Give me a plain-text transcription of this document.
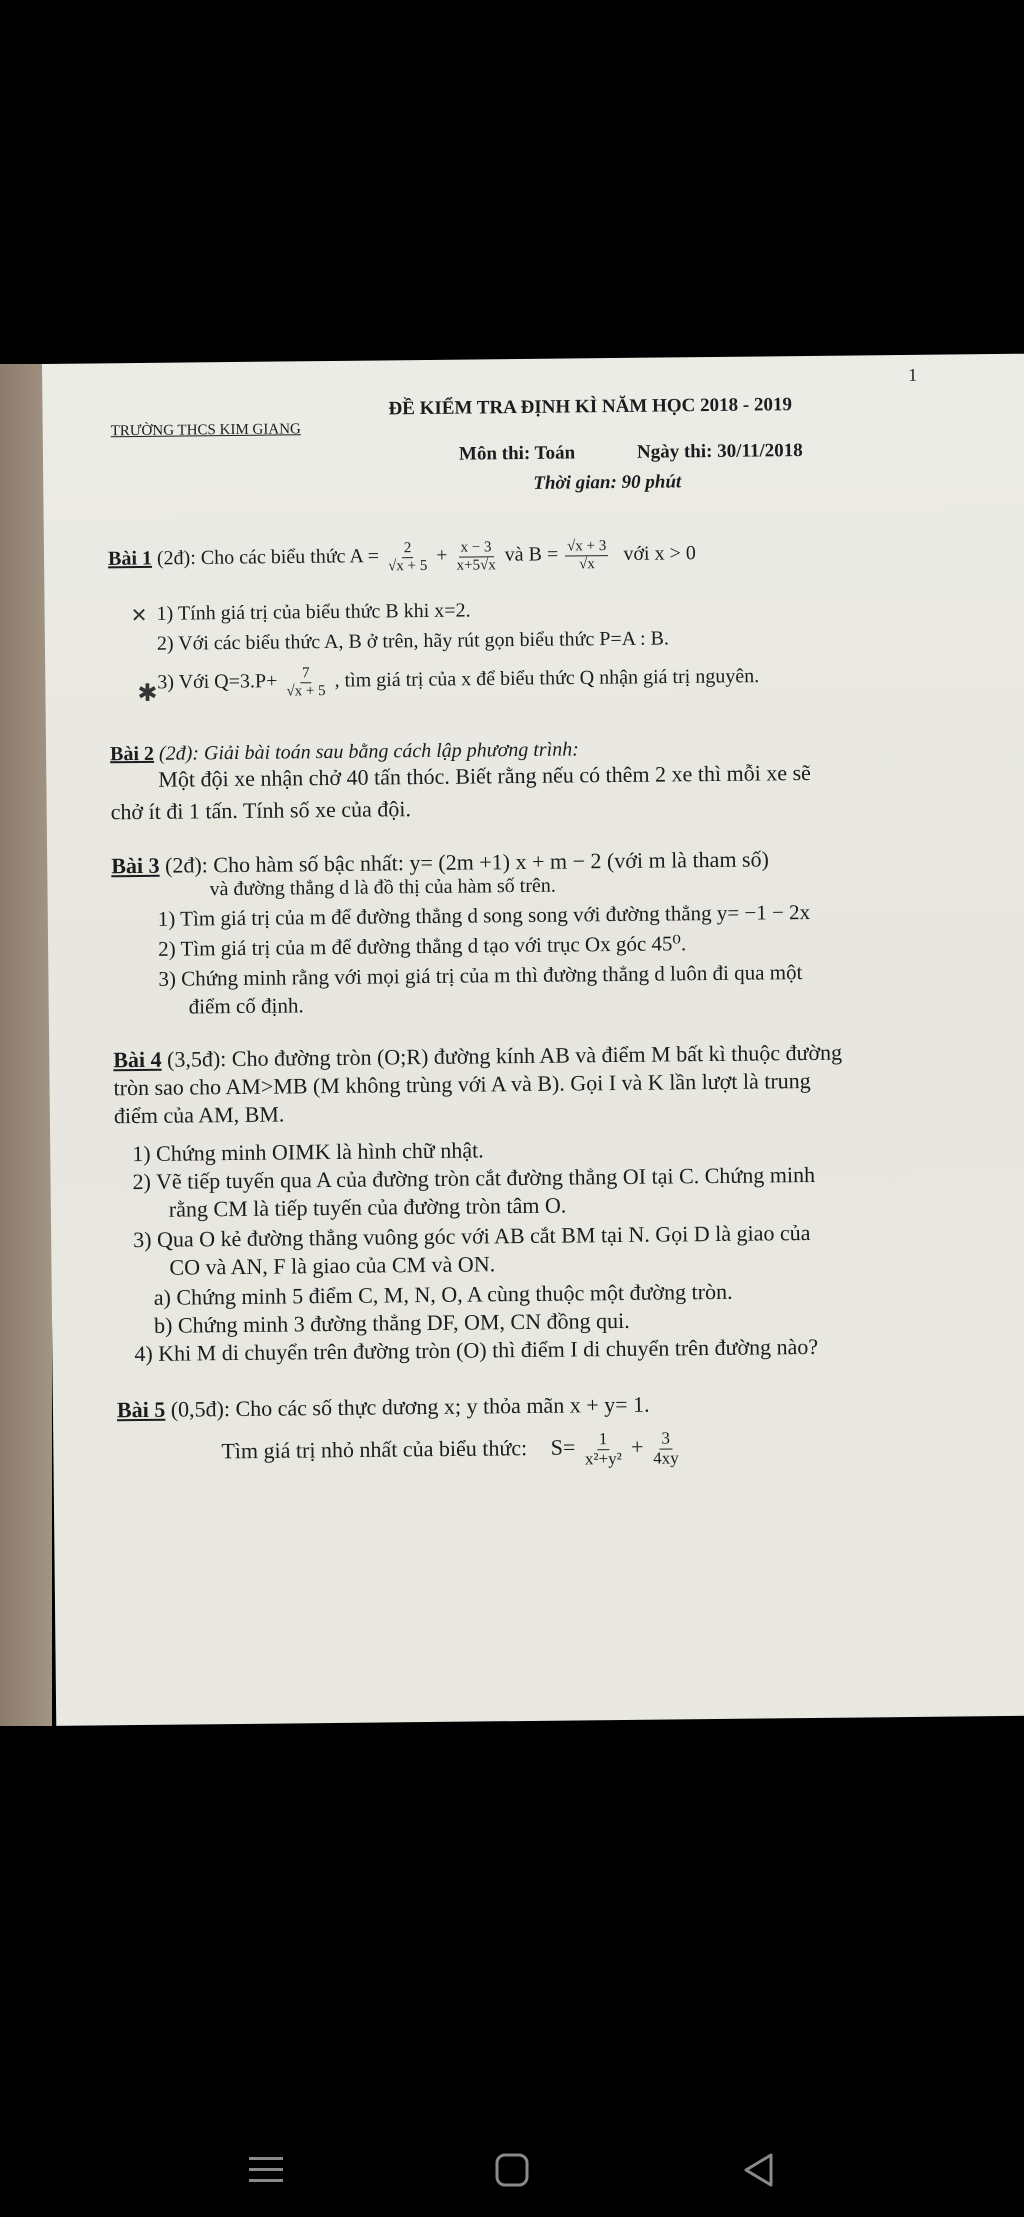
TRƯỜNG THCS KIM GIANG
ĐỀ KIỂM TRA ĐỊNH KÌ NĂM HỌC 2018 - 2019
1
Môn thi: Toán	Ngày thi: 30/11/2018
Thời gian: 90 phút
Bài 1 (2đ): Cho các biểu thức $A = \frac{2}{√x + 5} + \frac{x - 3}{x+5√x}$ và $B = \frac{√x + 3}{√x}$ với x > 0
✕ 1) Tính giá trị của biểu thức B khi x=2.
2) Với các biểu thức A, B ở trên, hãy rút gọn biểu thức P=A : B.
✱ 3) Với $Q=3.P+ \frac{7}{√x + 5}$ , tìm giá trị của x để biểu thức Q nhận giá trị nguyên.
Bài 2 (2đ): Giải bài toán sau bằng cách lập phương trình:
Một đội xe nhận chở 40 tấn thóc. Biết rằng nếu có thêm 2 xe thì mỗi xe sẽ
chở ít đi 1 tấn. Tính số xe của đội.
Bài 3 (2đ): Cho hàm số bậc nhất: y= (2m +1) x + m − 2 (với m là tham số)
và đường thẳng d là đồ thị của hàm số trên.
1) Tìm giá trị của m để đường thẳng d song song với đường thẳng y= −1 − 2x
2) Tìm giá trị của m để đường thẳng d tạo với trục Ox góc 45⁰.
3) Chứng minh rằng với mọi giá trị của m thì đường thẳng d luôn đi qua một
điểm cố định.
Bài 4 (3,5đ): Cho đường tròn (O;R) đường kính AB và điểm M bất kì thuộc đường
tròn sao cho AM>MB (M không trùng với A và B). Gọi I và K lần lượt là trung
điểm của AM, BM.
1) Chứng minh OIMK là hình chữ nhật.
2) Vẽ tiếp tuyến qua A của đường tròn cắt đường thẳng OI tại C. Chứng minh
rằng CM là tiếp tuyến của đường tròn tâm O.
3) Qua O kẻ đường thẳng vuông góc với AB cắt BM tại N. Gọi D là giao của
CO và AN, F là giao của CM và ON.
a) Chứng minh 5 điểm C, M, N, O, A cùng thuộc một đường tròn.
b) Chứng minh 3 đường thẳng DF, OM, CN đồng qui.
4) Khi M di chuyển trên đường tròn (O) thì điểm I di chuyển trên đường nào?
Bài 5 (0,5đ): Cho các số thực dương x; y thỏa mãn x + y= 1.
Tìm giá trị nhỏ nhất của biểu thức: $S= \frac{1}{\text{x²+y²}} + \frac{3}{4xy}$
